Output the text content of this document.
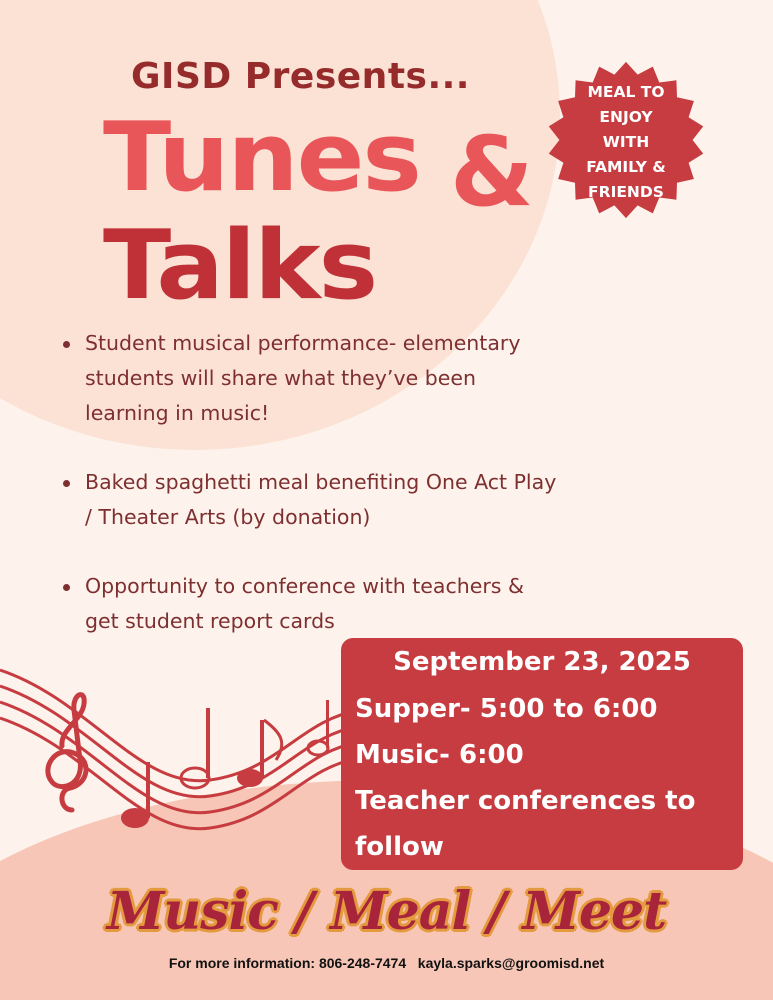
GISD Presents...
Tunes &
Talks
MEAL TO
ENJOY
WITH
FAMILY &
FRIENDS
Student musical performance- elementary students will share what they’ve been learning in music!
Baked spaghetti meal benefiting One Act Play / Theater Arts (by donation)
Opportunity to conference with teachers & get student report cards
September 23, 2025
Supper- 5:00 to 6:00
Music- 6:00
Teacher conferences to
follow
Music / Meal / Meet
For more information: 806-248-7474 kayla.sparks@groomisd.net
